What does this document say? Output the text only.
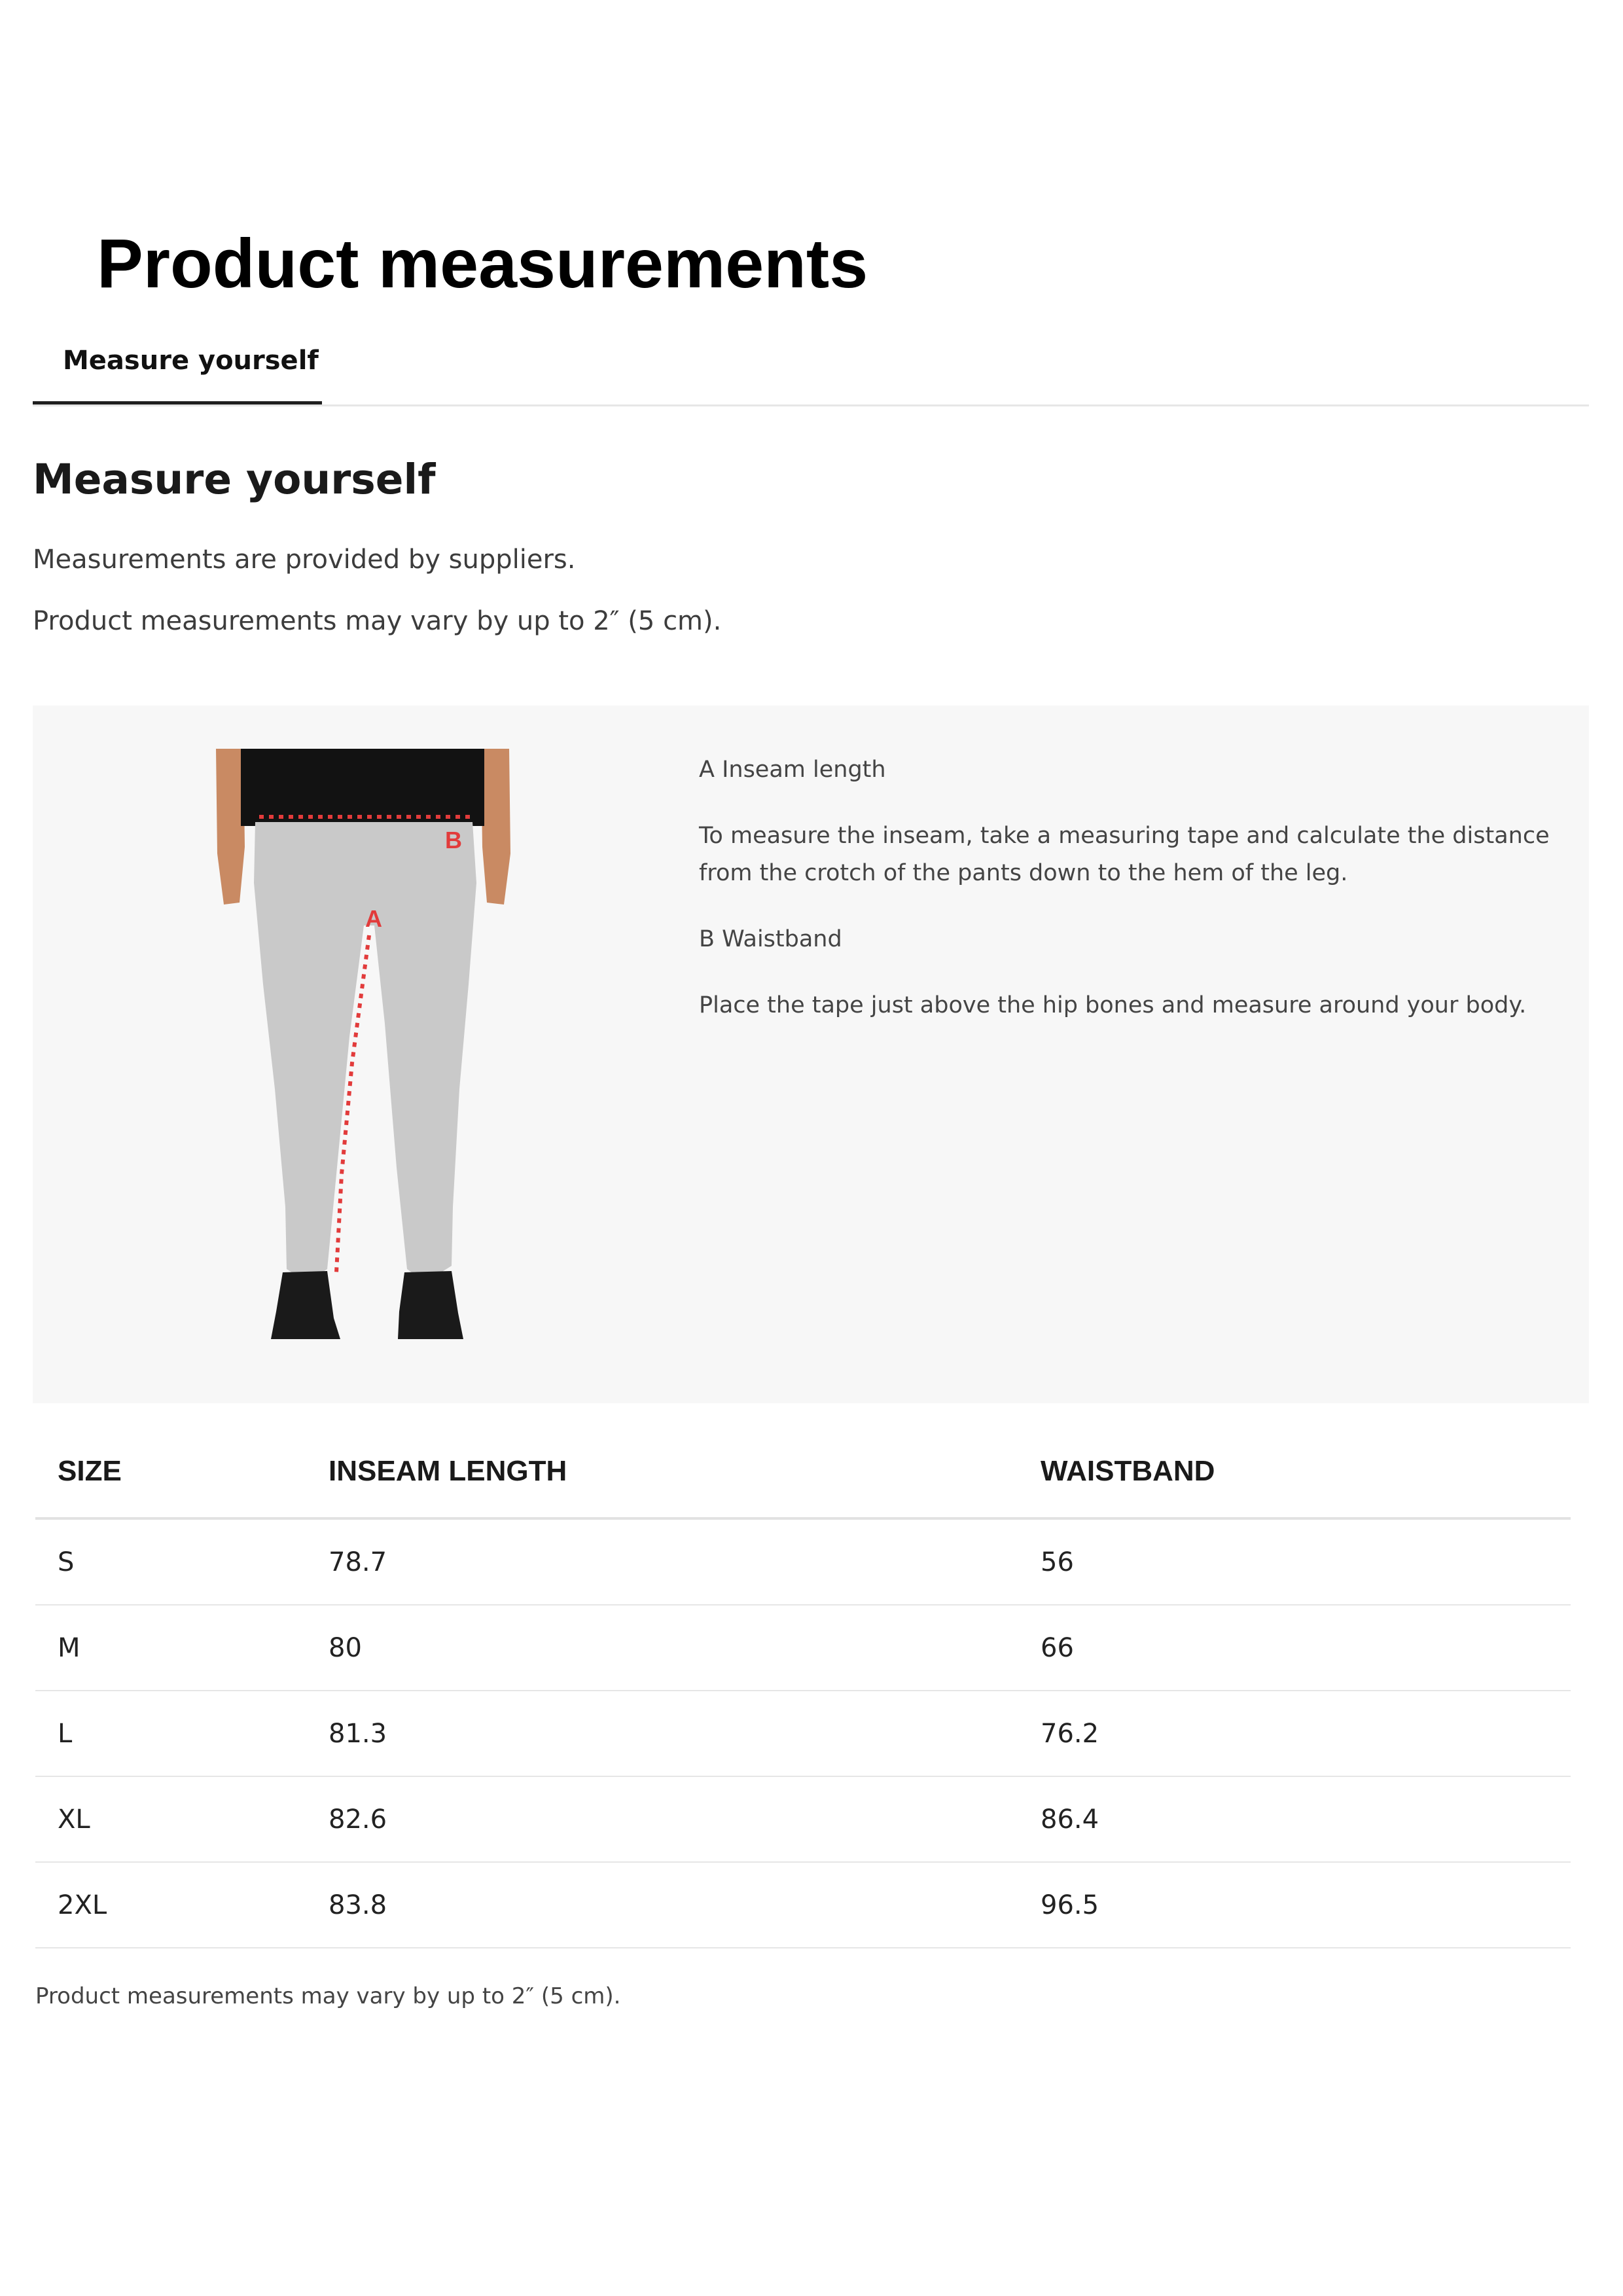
Product measurements
Measure yourself
Measure yourself

Measurements are provided by suppliers.

Product measurements may vary by up to 2″ (5 cm).

B
A

A Inseam length

To measure the inseam, take a measuring tape and calculate the distance from the crotch of the pants down to the hem of the leg.

B Waistband

Place the tape just above the hip bones and measure around your body.

SIZE	INSEAM LENGTH	WAISTBAND
S	78.7	56
M	80	66
L	81.3	76.2
XL	82.6	86.4
2XL	83.8	96.5

Product measurements may vary by up to 2″ (5 cm).
